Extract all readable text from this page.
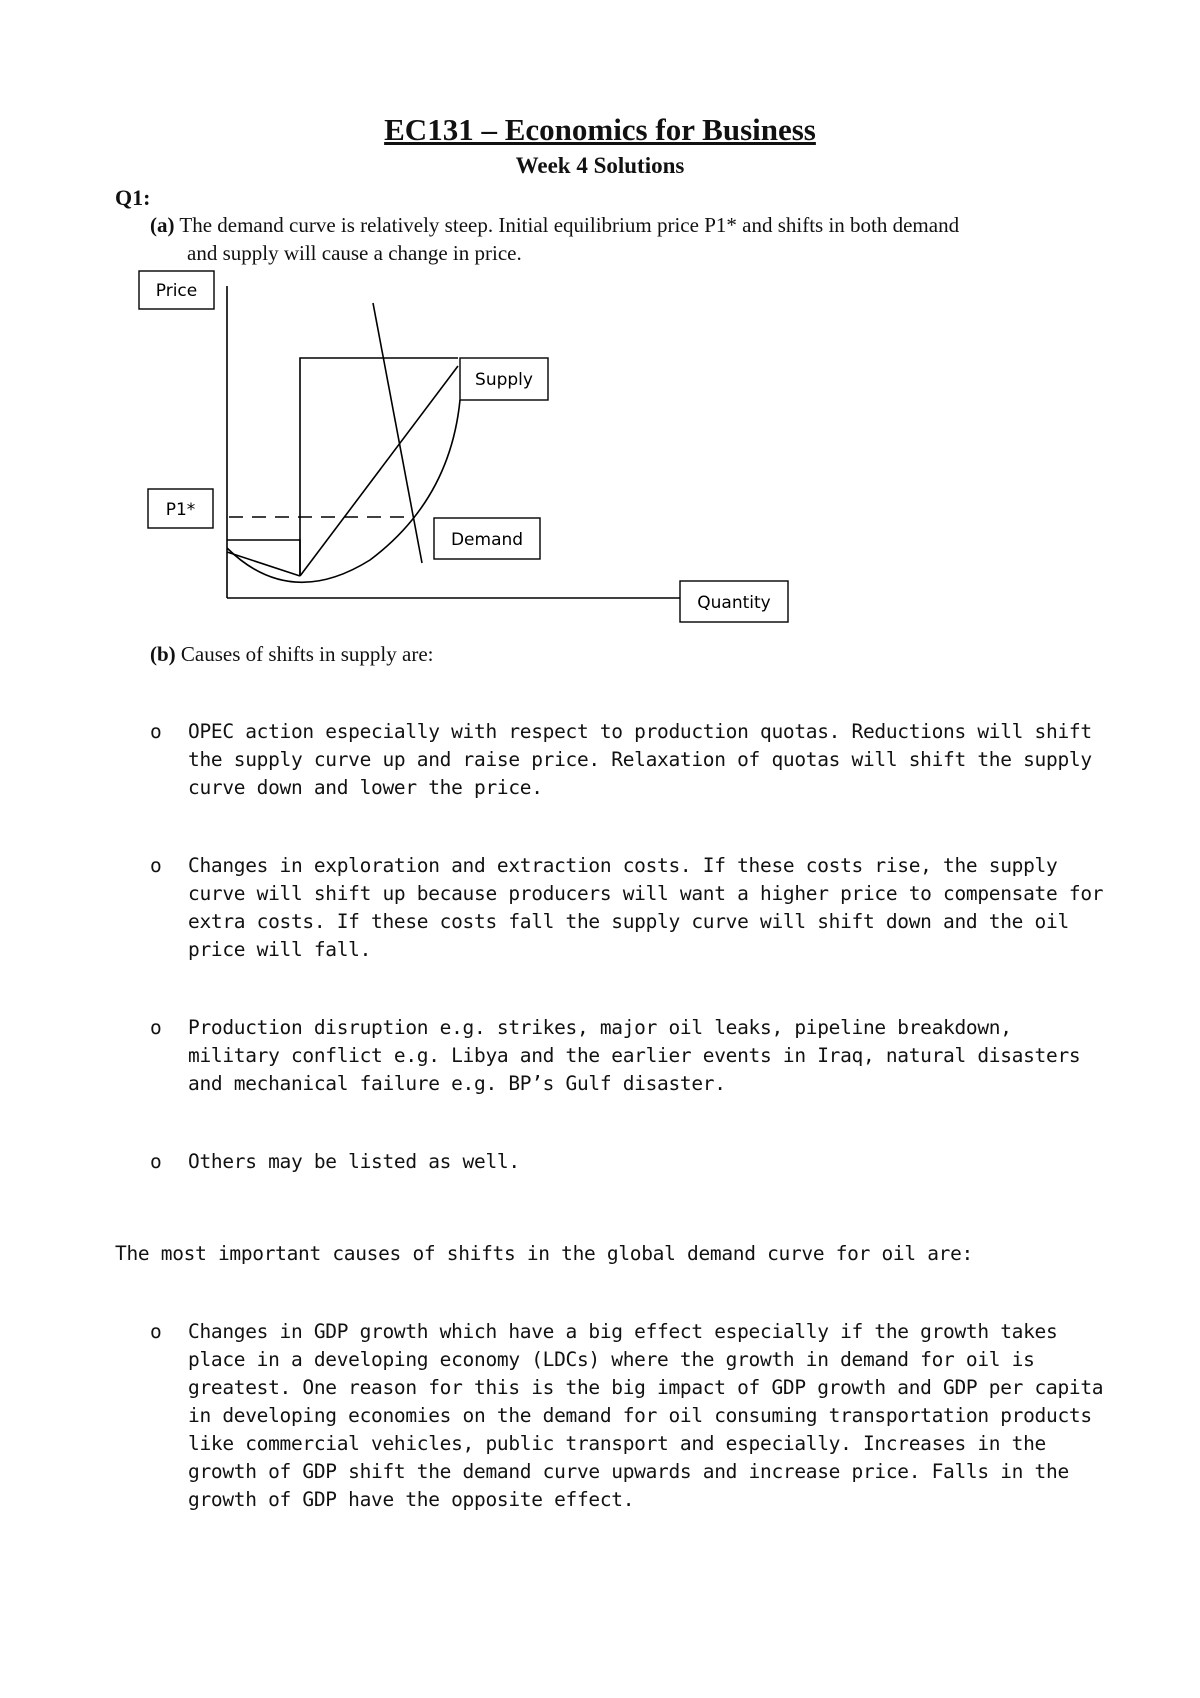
EC131 – Economics for Business
Week 4 Solutions
Q1:
(a) The demand curve is relatively steep. Initial equilibrium price P1* and shifts in both demand
and supply will cause a change in price.
Price
Supply
P1*
Demand
Quantity
(b) Causes of shifts in supply are:
o OPEC action especially with respect to production quotas. Reductions will shift the supply curve up and raise price. Relaxation of quotas will shift the supply curve down and lower the price.
o Changes in exploration and extraction costs. If these costs rise, the supply curve will shift up because producers will want a higher price to compensate for extra costs. If these costs fall the supply curve will shift down and the oil price will fall.
o Production disruption e.g. strikes, major oil leaks, pipeline breakdown, military conflict e.g. Libya and the earlier events in Iraq, natural disasters and mechanical failure e.g. BP’s Gulf disaster.
o Others may be listed as well.
The most important causes of shifts in the global demand curve for oil are:
o Changes in GDP growth which have a big effect especially if the growth takes place in a developing economy (LDCs) where the growth in demand for oil is greatest. One reason for this is the big impact of GDP growth and GDP per capita in developing economies on the demand for oil consuming transportation products like commercial vehicles, public transport and especially. Increases in the growth of GDP shift the demand curve upwards and increase price. Falls in the growth of GDP have the opposite effect.
